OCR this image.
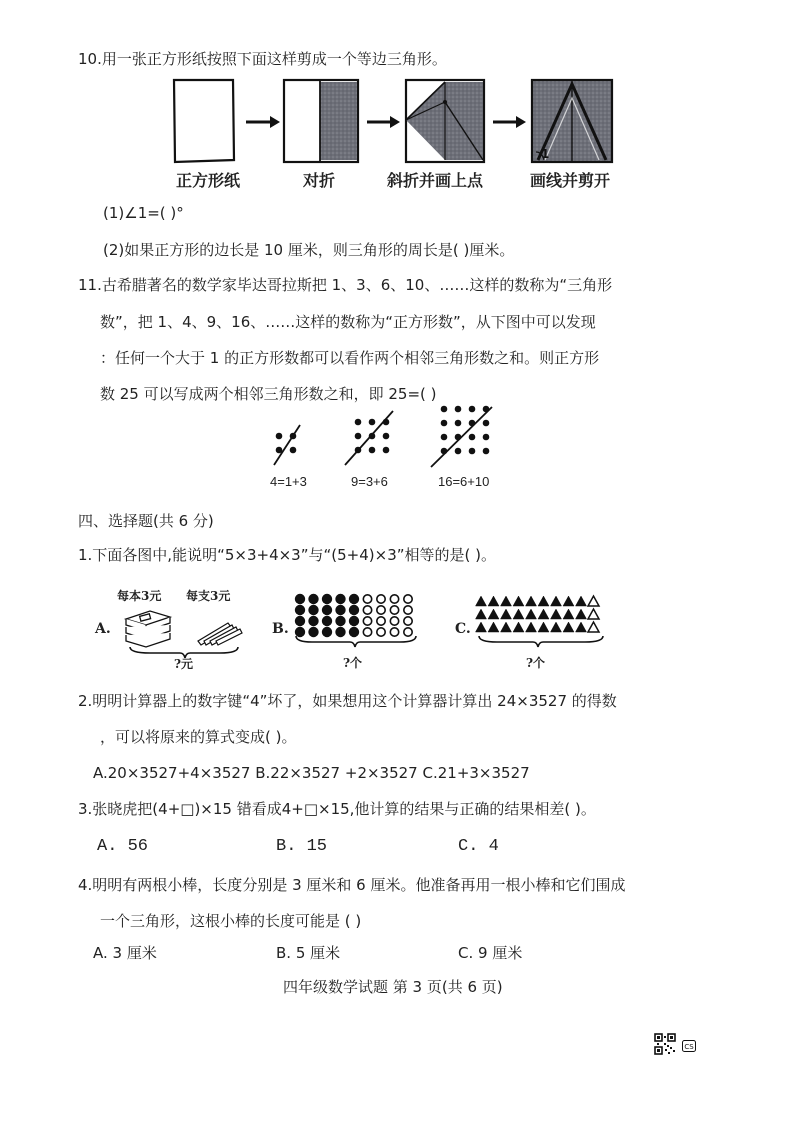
10.用一张正方形纸按照下面这样剪成一个等边三角形。
1
正方形纸	对折	斜折并画上点	画线并剪开
(1)∠1=( )°
(2)如果正方形的边长是 10 厘米，则三角形的周长是( )厘米。
11.古希腊著名的数学家毕达哥拉斯把 1、3、6、10、……这样的数称为“三角形
数”，把 1、4、9、16、……这样的数称为“正方形数”，从下图中可以发现
：任何一个大于 1 的正方形数都可以看作两个相邻三角形数之和。则正方形
数 25 可以写成两个相邻三角形数之和，即 25=( )
4=1+3	9=3+6	16=6+10
四、选择题(共 6 分)
1.下面各图中,能说明“5×3+4×3”与“(5+4)×3”相等的是( )。
每本3元 每支3元
A.
?元
B.
?个
C.
?个
2.明明计算器上的数字键“4”坏了，如果想用这个计算器计算出 24×3527 的得数
，可以将原来的算式变成( )。
A.20×3527+4×3527 B.22×3527 +2×3527 C.21+3×3527
3.张晓虎把(4+□)×15 错看成4+□×15,他计算的结果与正确的结果相差( )。
A. 56	B. 15	C. 4
4.明明有两根小棒，长度分别是 3 厘米和 6 厘米。他准备再用一根小棒和它们围成
一个三角形，这根小棒的长度可能是 ( )
A. 3 厘米	B. 5 厘米	C. 9 厘米
四年级数学试题 第 3 页(共 6 页)
CS
